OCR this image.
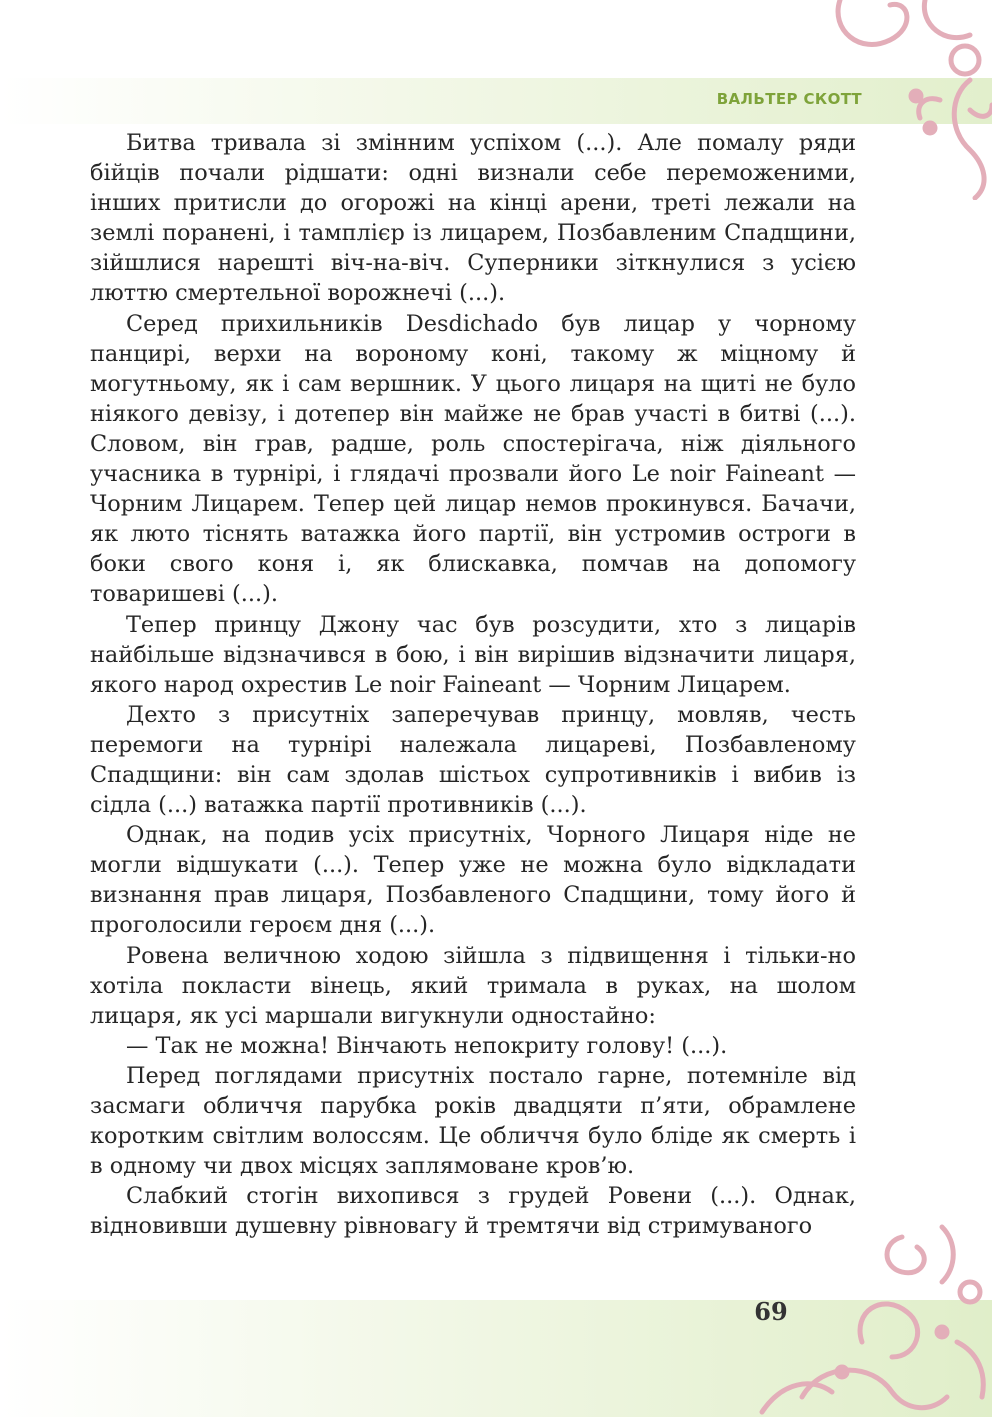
ВАЛЬТЕР СКОТТ

Битва тривала зі змінним успіхом (...). Але помалу ряди бійців почали рідшати: одні визнали себе переможеними, інших притисли до огорожі на кінці арени, треті лежали на землі поранені, і тамплієр із лицарем, Позбавленим Спадщини, зійшлися нарешті віч-на-віч. Суперники зіткнулися з усією люттю смертельної ворожнечі (...).

Серед прихильників Desdichado був лицар у чорному панцирі, верхи на вороному коні, такому ж міцному й могутньому, як і сам вершник. У цього лицаря на щиті не було ніякого девізу, і дотепер він майже не брав участі в битві (...). Словом, він грав, радше, роль спостерігача, ніж діяльного учасника в турнірі, і глядачі прозвали його Le noir Faineant — Чорним Лицарем. Тепер цей лицар немов прокинувся. Бачачи, як люто тіснять ватажка його партії, він устромив остроги в боки свого коня і, як блискавка, помчав на допомогу товаришеві (...).

Тепер принцу Джону час був розсудити, хто з лицарів найбільше відзначився в бою, і він вирішив відзначити лицаря, якого народ охрестив Le noir Faineant — Чорним Лицарем.

Дехто з присутніх заперечував принцу, мовляв, честь перемоги на турнірі належала лицареві, Позбавленому Спадщини: він сам здолав шістьох супротивників і вибив із сідла (...) ватажка партії противників (...).

Однак, на подив усіх присутніх, Чорного Лицаря ніде не могли відшукати (...). Тепер уже не можна було відкладати визнання прав лицаря, Позбавленого Спадщини, тому його й проголосили героєм дня (...).

Ровена величною ходою зійшла з підвищення і тільки-но хотіла покласти вінець, який тримала в руках, на шолом лицаря, як усі маршали вигукнули одностайно:

— Так не можна! Вінчають непокриту голову! (...).

Перед поглядами присутніх постало гарне, потемніле від засмаги обличчя парубка років двадцяти п’яти, обрамлене коротким світлим волоссям. Це обличчя було бліде як смерть і в одному чи двох місцях заплямоване кров’ю.

Слабкий стогін вихопився з грудей Ровени (...). Однак, відновивши душевну рівновагу й тремтячи від стримуваного

69
